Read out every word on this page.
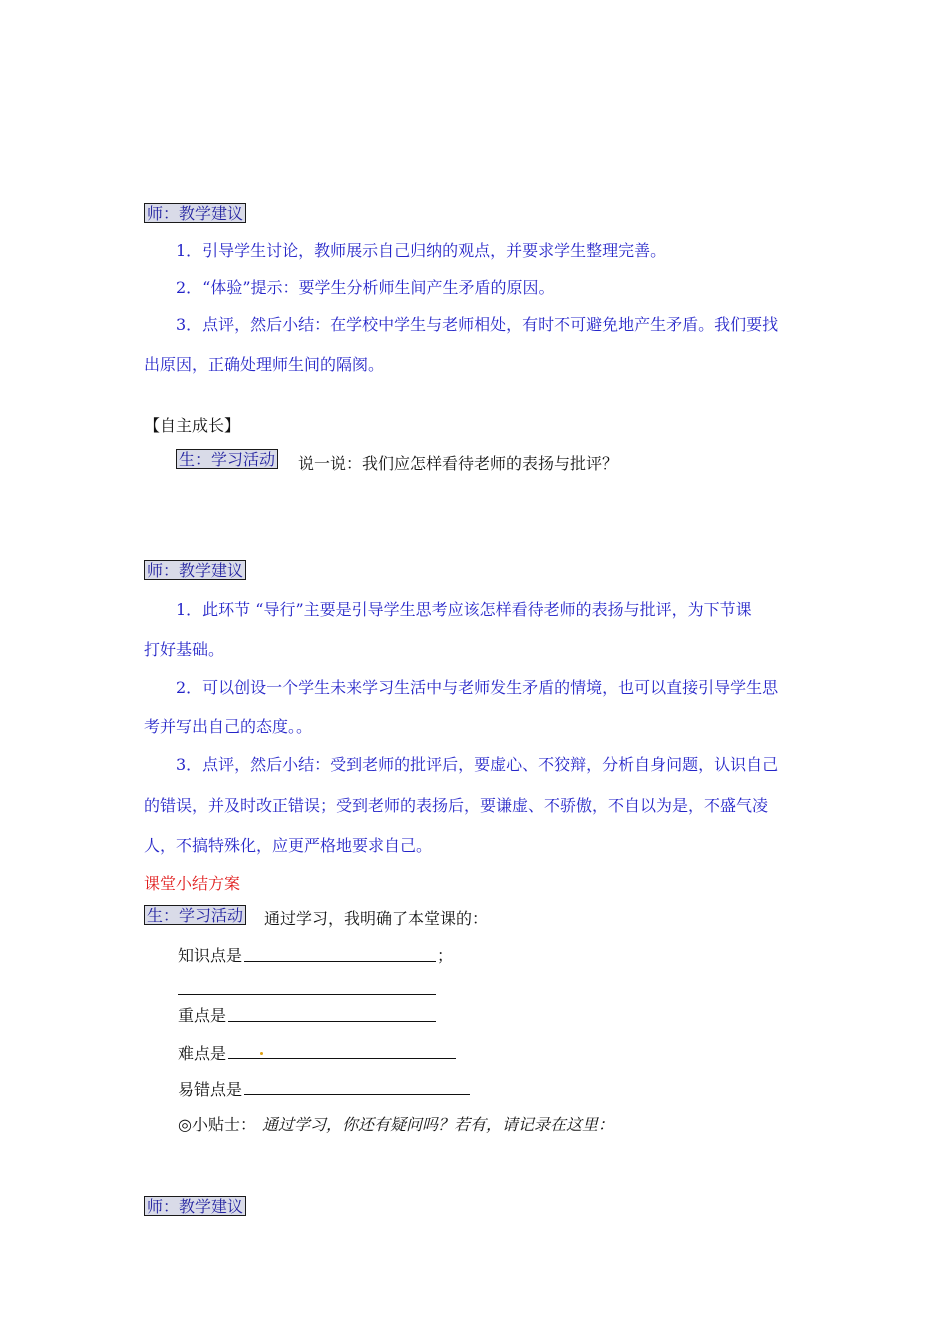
师：教学建议
1．引导学生讨论，教师展示自己归纳的观点，并要求学生整理完善。
2．“体验”提示：要学生分析师生间产生矛盾的原因。
3．点评，然后小结：在学校中学生与老师相处，有时不可避免地产生矛盾。我们要找
出原因，正确处理师生间的隔阂。
【自主成长】
生：学习活动 说一说：我们应怎样看待老师的表扬与批评？
师：教学建议
1．此环节 “导行”主要是引导学生思考应该怎样看待老师的表扬与批评，为下节课
打好基础。
2．可以创设一个学生未来学习生活中与老师发生矛盾的情境，也可以直接引导学生思
考并写出自己的态度。。
3．点评，然后小结：受到老师的批评后，要虚心、不狡辩，分析自身问题，认识自己
的错误，并及时改正错误；受到老师的表扬后，要谦虚、不骄傲，不自以为是，不盛气凌
人，不搞特殊化，应更严格地要求自己。
课堂小结方案
生：学习活动 通过学习，我明确了本堂课的：
知识点是	；
重点是
难点是
易错点是
◎小贴士： 通过学习，你还有疑问吗？若有，请记录在这里：
师：教学建议
